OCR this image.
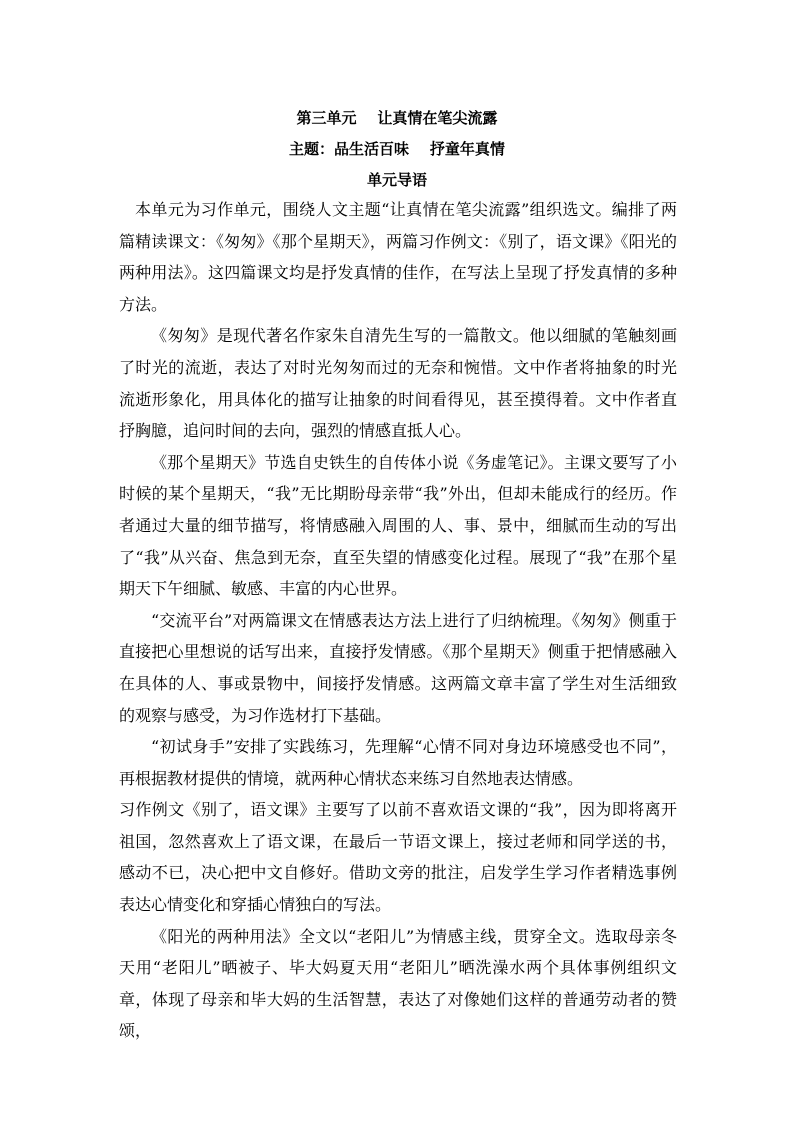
第三单元    让真情在笔尖流露

主题：品生活百味    抒童年真情

单元导语

本单元为习作单元，围绕人文主题“让真情在笔尖流露”组织选文。编排了两篇精读课文：《匆匆》《那个星期天》，两篇习作例文：《别了，语文课》《阳光的两种用法》。这四篇课文均是抒发真情的佳作，在写法上呈现了抒发真情的多种方法。

《匆匆》是现代著名作家朱自清先生写的一篇散文。他以细腻的笔触刻画了时光的流逝，表达了对时光匆匆而过的无奈和惋惜。文中作者将抽象的时光流逝形象化，用具体化的描写让抽象的时间看得见，甚至摸得着。文中作者直抒胸臆，追问时间的去向，强烈的情感直抵人心。

《那个星期天》节选自史铁生的自传体小说《务虚笔记》。主课文要写了小时候的某个星期天，“我”无比期盼母亲带“我”外出，但却未能成行的经历。作者通过大量的细节描写，将情感融入周围的人、事、景中，细腻而生动的写出了“我”从兴奋、焦急到无奈，直至失望的情感变化过程。展现了“我”在那个星期天下午细腻、敏感、丰富的内心世界。

“交流平台”对两篇课文在情感表达方法上进行了归纳梳理。《匆匆》侧重于直接把心里想说的话写出来，直接抒发情感。《那个星期天》侧重于把情感融入在具体的人、事或景物中，间接抒发情感。这两篇文章丰富了学生对生活细致的观察与感受，为习作选材打下基础。

“初试身手”安排了实践练习，先理解“心情不同对身边环境感受也不同”，再根据教材提供的情境，就两种心情状态来练习自然地表达情感。

习作例文《别了，语文课》主要写了以前不喜欢语文课的“我”，因为即将离开祖国，忽然喜欢上了语文课，在最后一节语文课上，接过老师和同学送的书，感动不已，决心把中文自修好。借助文旁的批注，启发学生学习作者精选事例表达心情变化和穿插心情独白的写法。

《阳光的两种用法》全文以“老阳儿”为情感主线，贯穿全文。选取母亲冬天用“老阳儿”晒被子、毕大妈夏天用“老阳儿”晒洗澡水两个具体事例组织文章，体现了母亲和毕大妈的生活智慧，表达了对像她们这样的普通劳动者的赞颂，
